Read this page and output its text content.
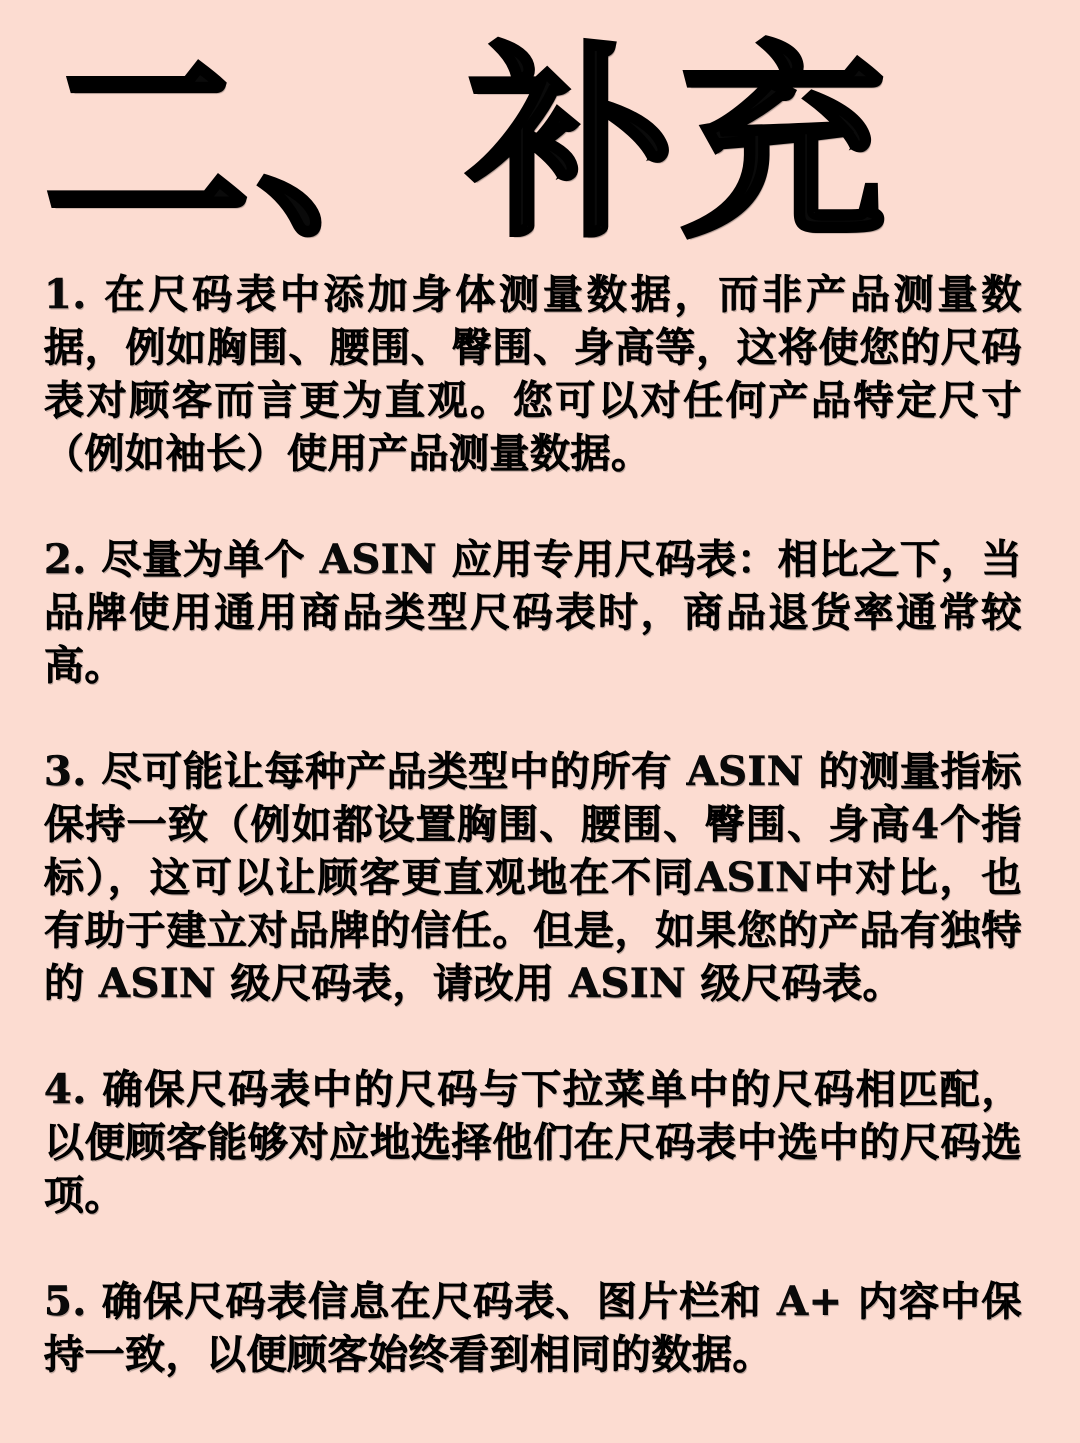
二、补充
1. 在尺码表中添加身体测量数据，而非产品测量数据，例如胸围、腰围、臀围、身高等，这将使您的尺码表对顾客而言更为直观。您可以对任何产品特定尺寸（例如袖长）使用产品测量数据。
2. 尽量为单个 ASIN 应用专用尺码表：相比之下，当品牌使用通用商品类型尺码表时，商品退货率通常较高。
3. 尽可能让每种产品类型中的所有 ASIN 的测量指标保持一致（例如都设置胸围、腰围、臀围、身高4个指标），这可以让顾客更直观地在不同ASIN中对比，也有助于建立对品牌的信任。但是，如果您的产品有独特的 ASIN 级尺码表，请改用 ASIN 级尺码表。
4. 确保尺码表中的尺码与下拉菜单中的尺码相匹配，以便顾客能够对应地选择他们在尺码表中选中的尺码选项。
5. 确保尺码表信息在尺码表、图片栏和 A+ 内容中保持一致，以便顾客始终看到相同的数据。
